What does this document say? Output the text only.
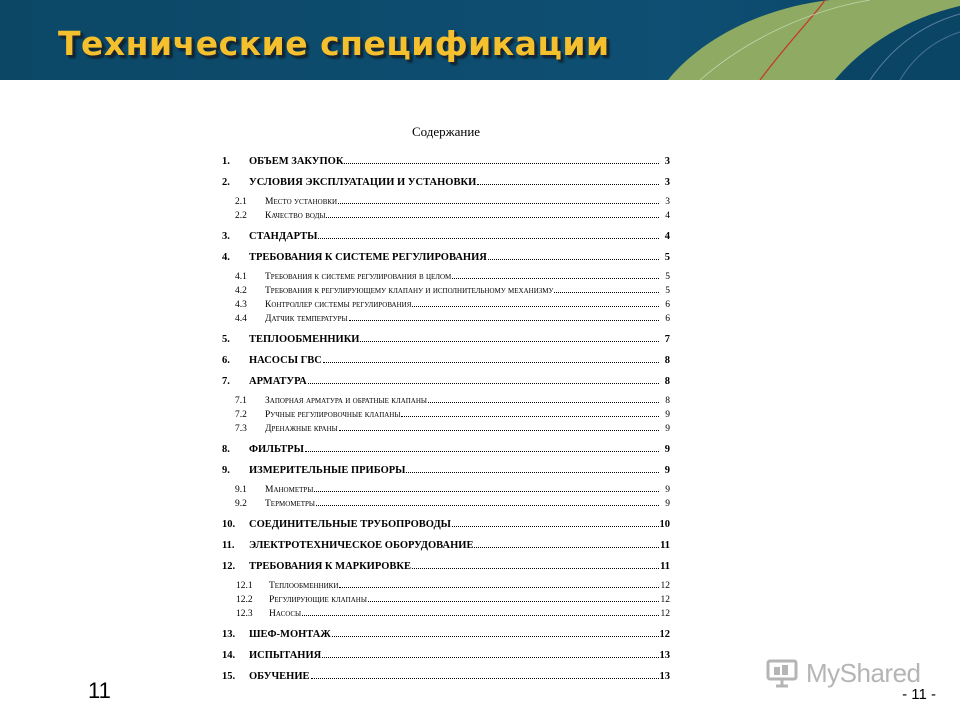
Технические спецификации
Содержание
1.	ОБЪЕМ ЗАКУПОК	3
2.	УСЛОВИЯ ЭКСПЛУАТАЦИИ И УСТАНОВКИ	3
2.1	Место установки	3
2.2	Качество воды	4
3.	СТАНДАРТЫ	4
4.	ТРЕБОВАНИЯ К СИСТЕМЕ РЕГУЛИРОВАНИЯ	5
4.1	Требования к системе регулирования в целом	5
4.2	Требования к регулирующему клапану и исполнительному механизму	5
4.3	Контроллер системы регулирования	6
4.4	Датчик температуры	6
5.	ТЕПЛООБМЕННИКИ	7
6.	НАСОСЫ ГВС	8
7.	АРМАТУРА	8
7.1	Запорная арматура и обратные клапаны	8
7.2	Ручные регулировочные клапаны	9
7.3	Дренажные краны	9
8.	ФИЛЬТРЫ	9
9.	ИЗМЕРИТЕЛЬНЫЕ ПРИБОРЫ	9
9.1	Манометры	9
9.2	Термометры	9
10.	СОЕДИНИТЕЛЬНЫЕ ТРУБОПРОВОДЫ	10
11.	ЭЛЕКТРОТЕХНИЧЕСКОЕ ОБОРУДОВАНИЕ	11
12.	ТРЕБОВАНИЯ К МАРКИРОВКЕ	11
12.1	Теплообменники	12
12.2	Регулирующие клапаны	12
12.3	Насосы	12
13.	ШЕФ-МОНТАЖ	12
14.	ИСПЫТАНИЯ	13
15.	ОБУЧЕНИЕ	13
11
MyShared
- 11 -
